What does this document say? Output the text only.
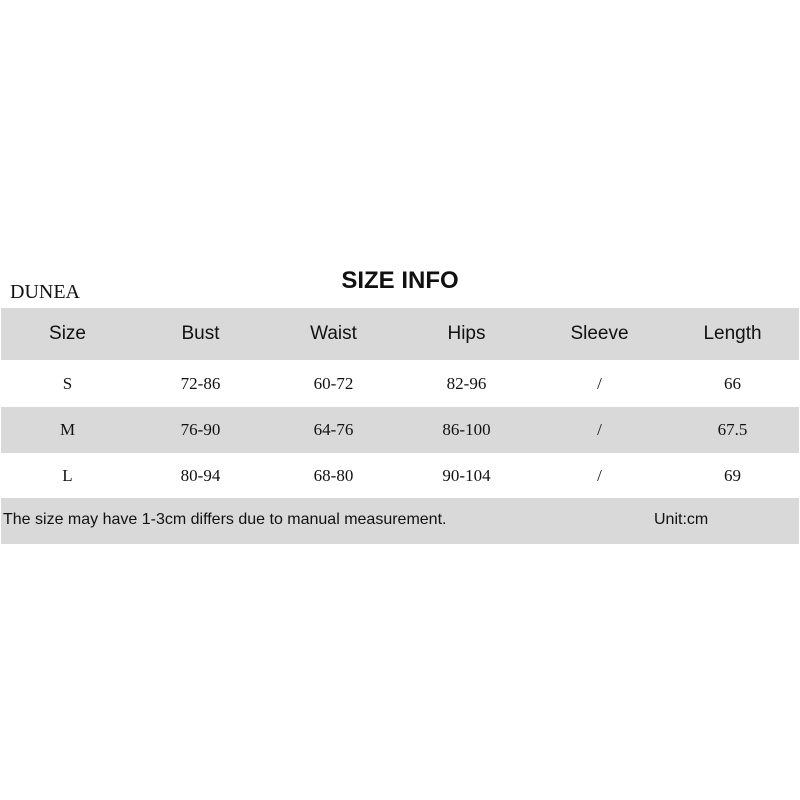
DUNEA	SIZE INFO
Size	Bust	Waist	Hips	Sleeve	Length
S	72-86	60-72	82-96	/	66
M	76-90	64-76	86-100	/	67.5
L	80-94	68-80	90-104	/	69
The size may have 1-3cm differs due to manual measurement.	Unit:cm
